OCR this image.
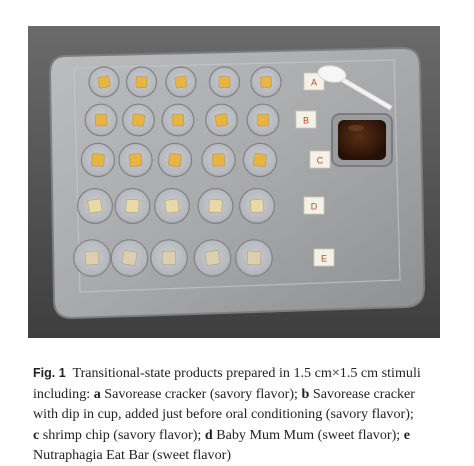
A
B
C
D
E
Fig. 1 Transitional-state products prepared in 1.5 cm×1.5 cm stimuli
including: a Savorease cracker (savory flavor); b Savorease cracker
with dip in cup, added just before oral conditioning (savory flavor);
c shrimp chip (savory flavor); d Baby Mum Mum (sweet flavor); e
Nutraphagia Eat Bar (sweet flavor)
